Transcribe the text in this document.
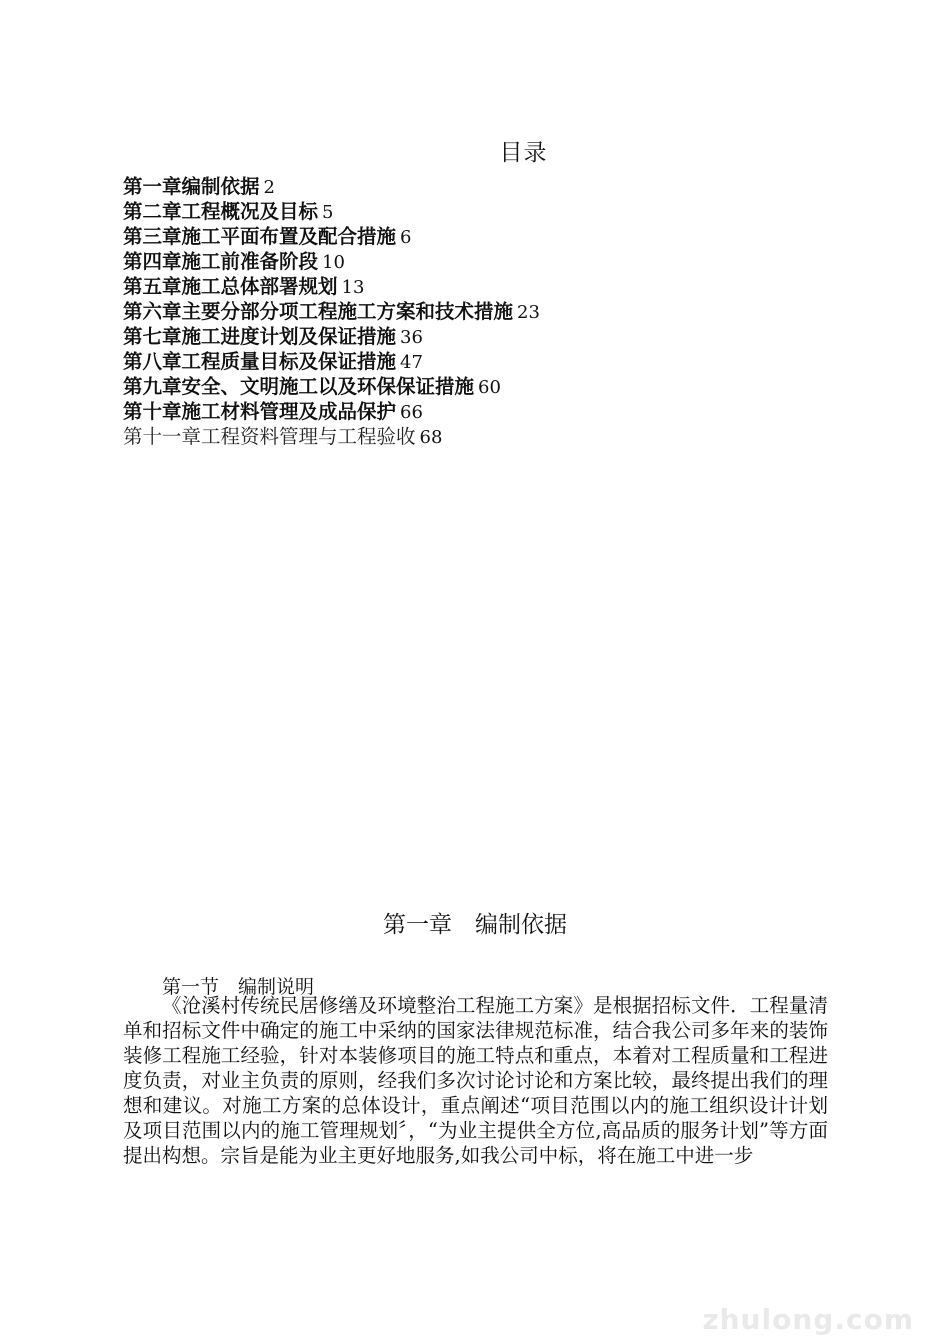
目录
第一章编制依据 2
第二章工程概况及目标 5
第三章施工平面布置及配合措施 6
第四章施工前准备阶段 10
第五章施工总体部署规划 13
第六章主要分部分项工程施工方案和技术措施 23
第七章施工进度计划及保证措施 36
第八章工程质量目标及保证措施 47
第九章安全、文明施工以及环保保证措施 60
第十章施工材料管理及成品保护 66
第十一章工程资料管理与工程验收 68
第一章　编制依据
第一节　编制说明

《沧溪村传统民居修缮及环境整治工程施工方案》是根据招标文件．工程量清单和招标文件中确定的施工中采纳的国家法律规范标准，结合我公司多年来的装饰装修工程施工经验，针对本装修项目的施工特点和重点，本着对工程质量和工程进度负责，对业主负责的原则，经我们多次讨论讨论和方案比较，最终提出我们的理想和建议。对施工方案的总体设计，重点阐述“项目范围以内的施工组织设计计划及项目范围以内的施工管理规划〞，“为业主提供全方位,高品质的服务计划”等方面提出构想。宗旨是能为业主更好地服务,如我公司中标，将在施工中进一步

zhulong.com
